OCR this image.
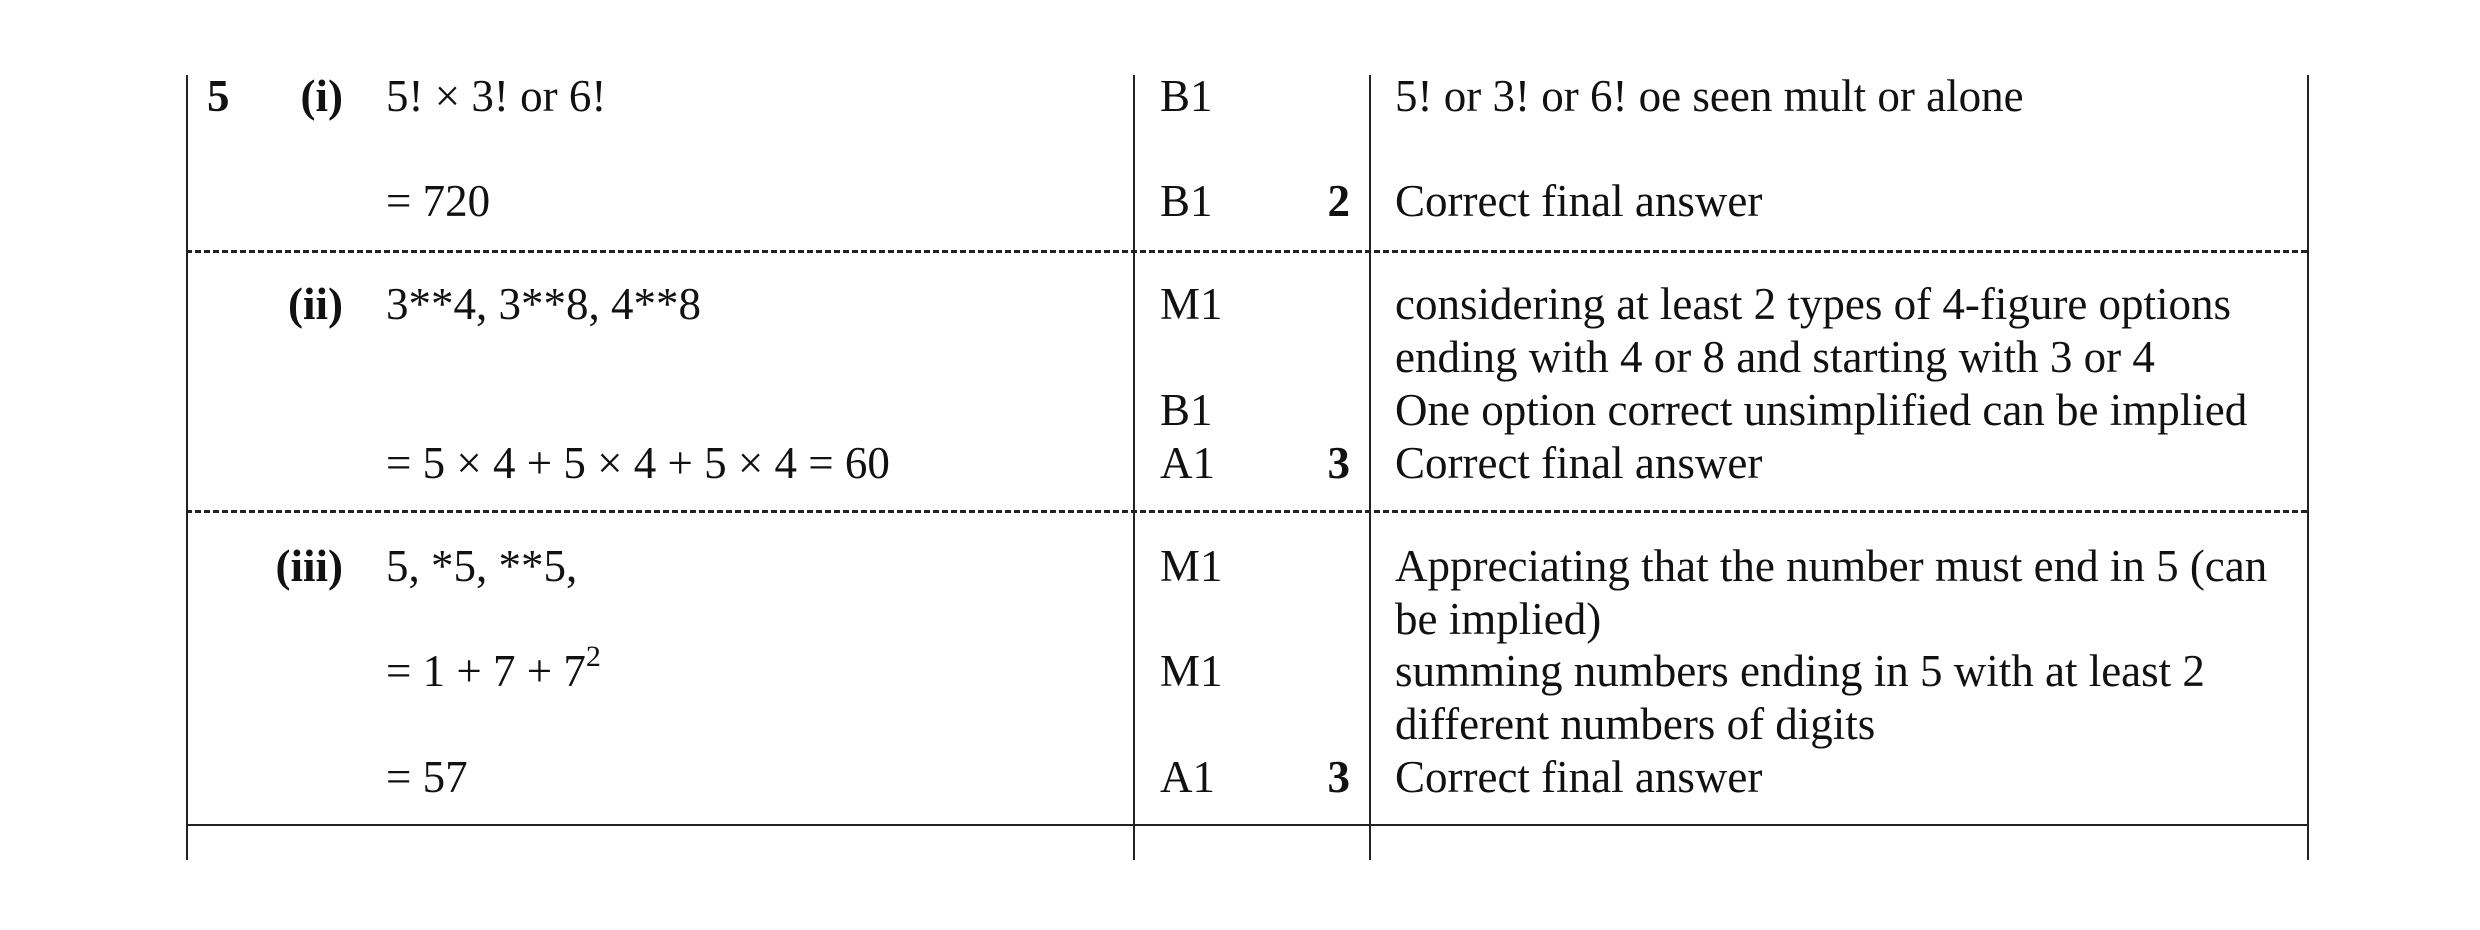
5	(i) 5! × 3! or 6!	B1	5! or 3! or 6! oe seen mult or alone
= 720	B1	2 Correct final answer
(ii) 3**4, 3**8, 4**8	M1	considering at least 2 types of 4-figure options
ending with 4 or 8 and starting with 3 or 4
B1	One option correct unsimplified can be implied
= 5 × 4 + 5 × 4 + 5 × 4 = 60	A1	3 Correct final answer
(iii) 5, *5, **5,	M1	Appreciating that the number must end in 5 (can
be implied)
= $1 + 7 + 7^2$	M1	summing numbers ending in 5 with at least 2
different numbers of digits
= 57	A1	3 Correct final answer
